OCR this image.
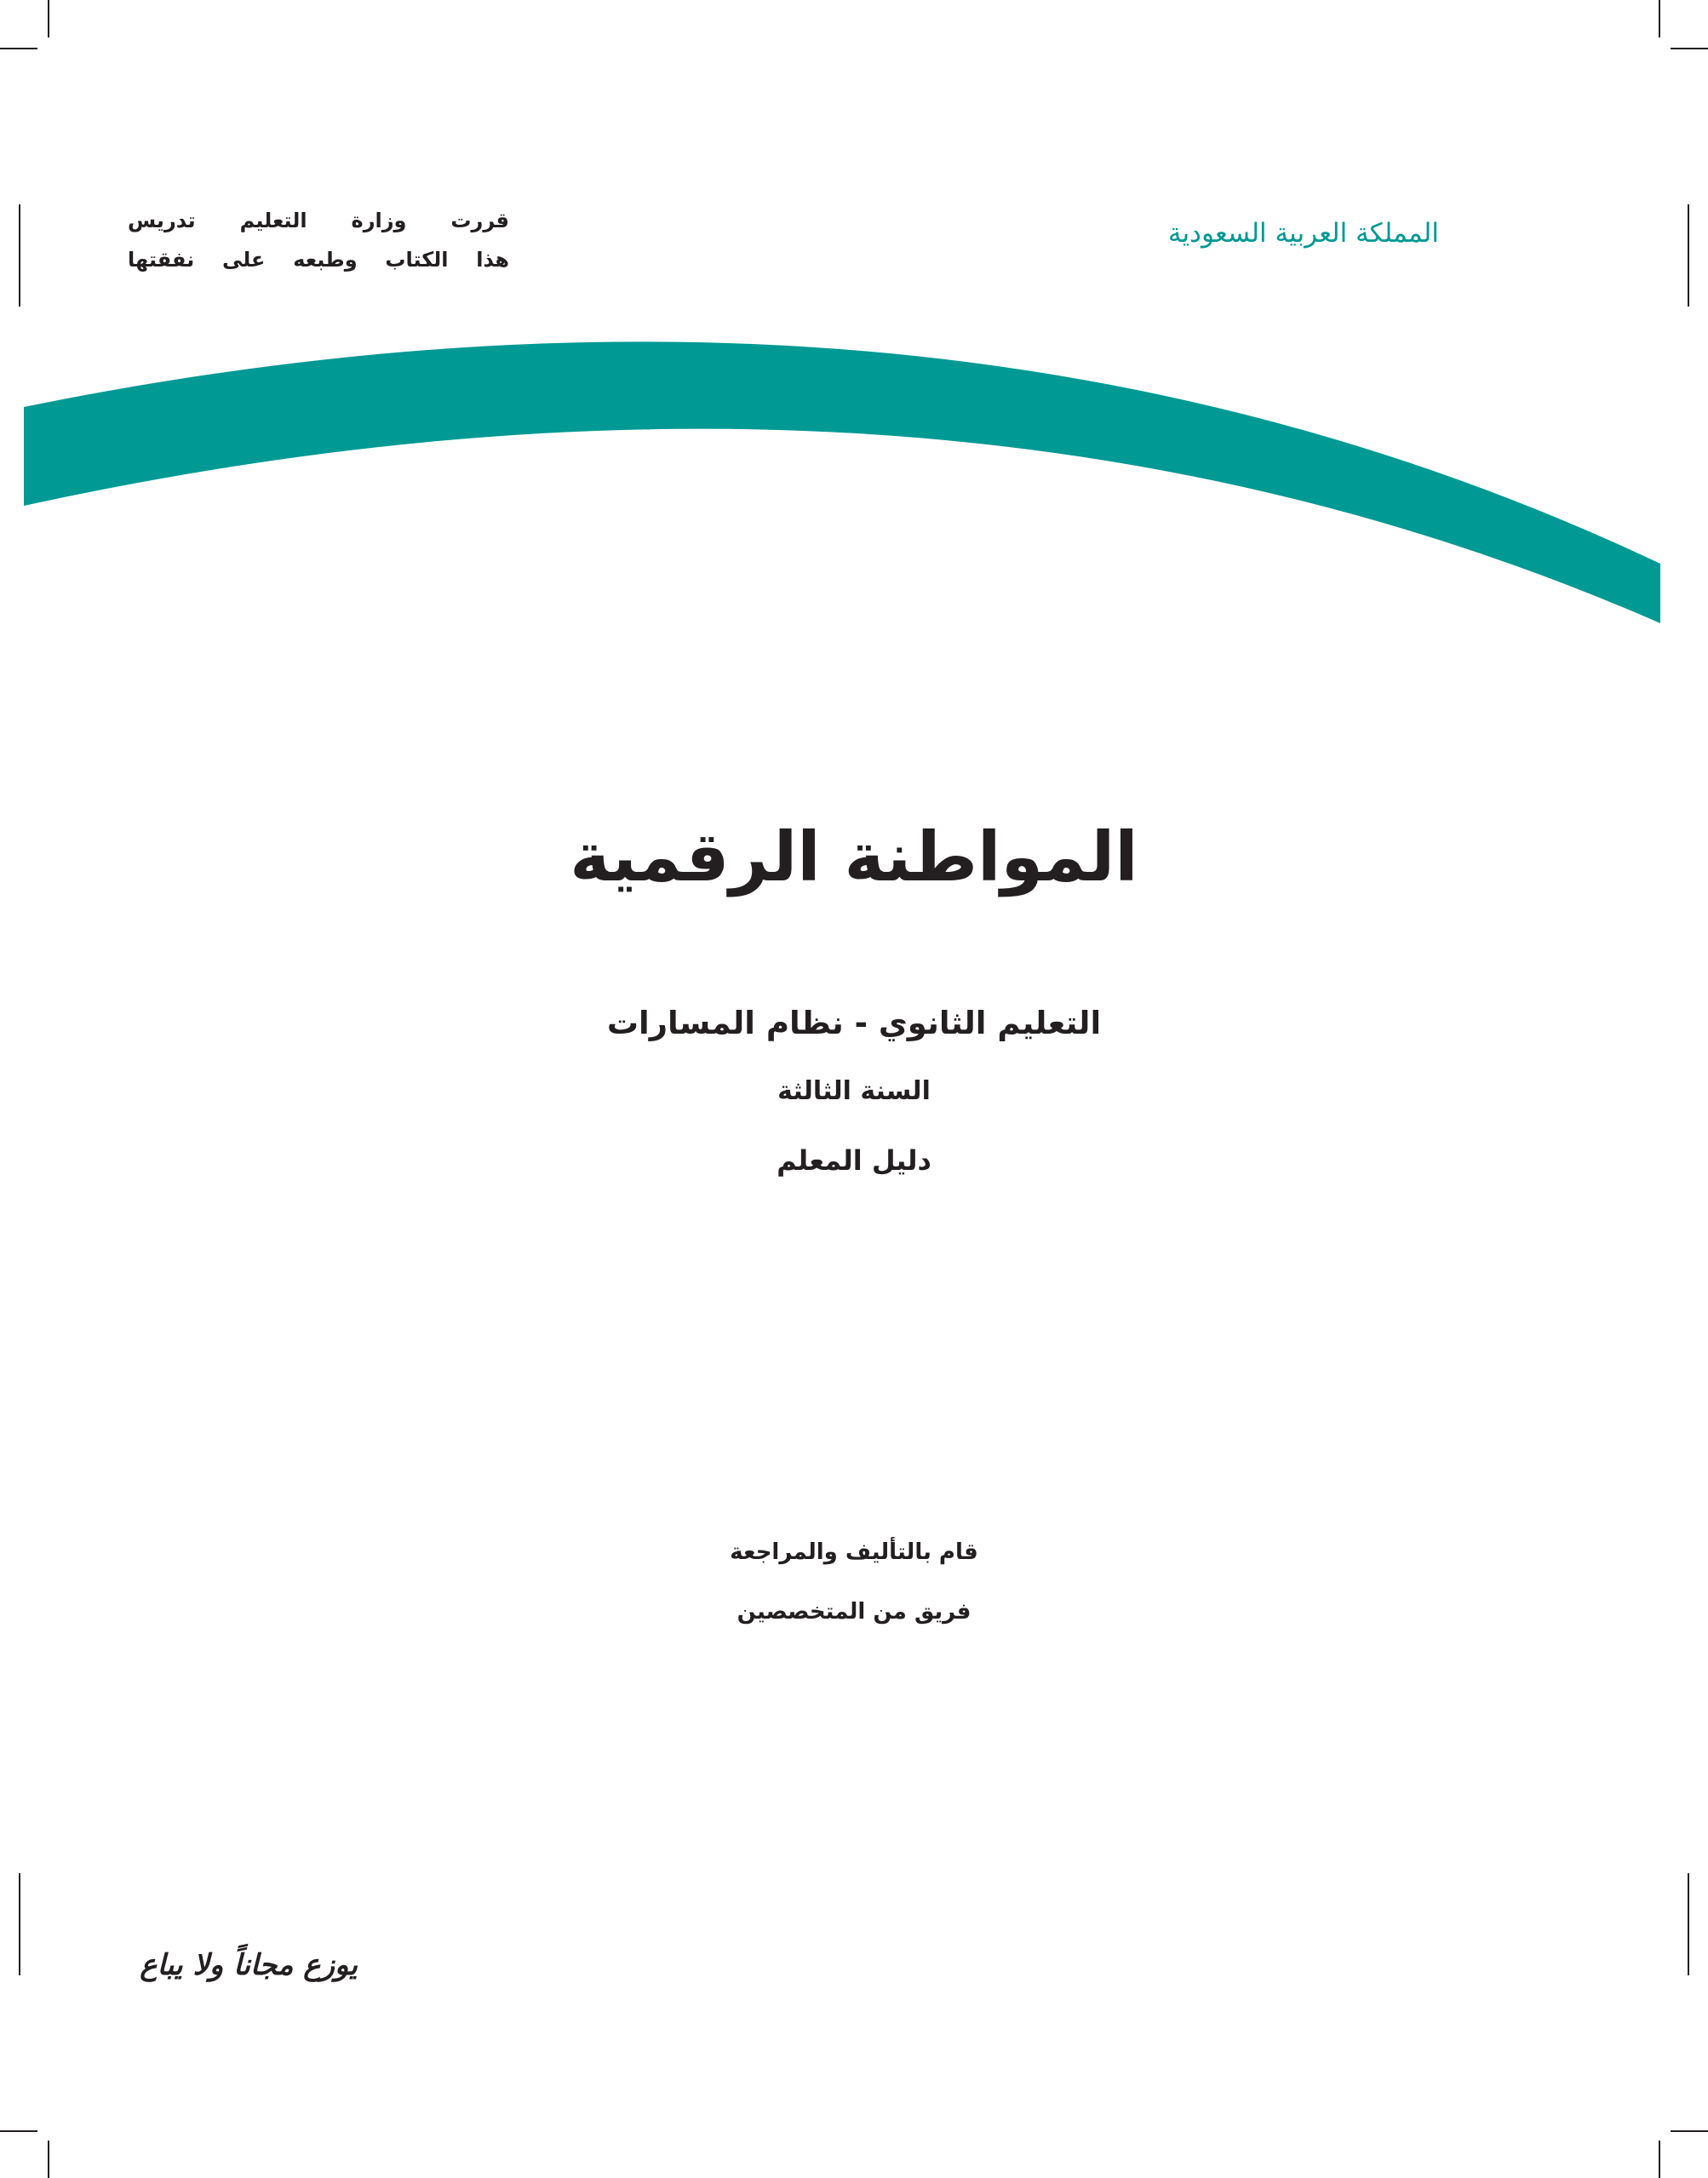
المملكة العربية السعودية
قررت وزارة التعليم تدريس
هذا الكتاب وطبعه على نفقتها
المواطنة الرقمية
التعليم الثانوي - نظام المسارات
السنة الثالثة
دليل المعلم
قام بالتأليف والمراجعة
فريق من المتخصصين
يوزع مجاناً ولا يباع
